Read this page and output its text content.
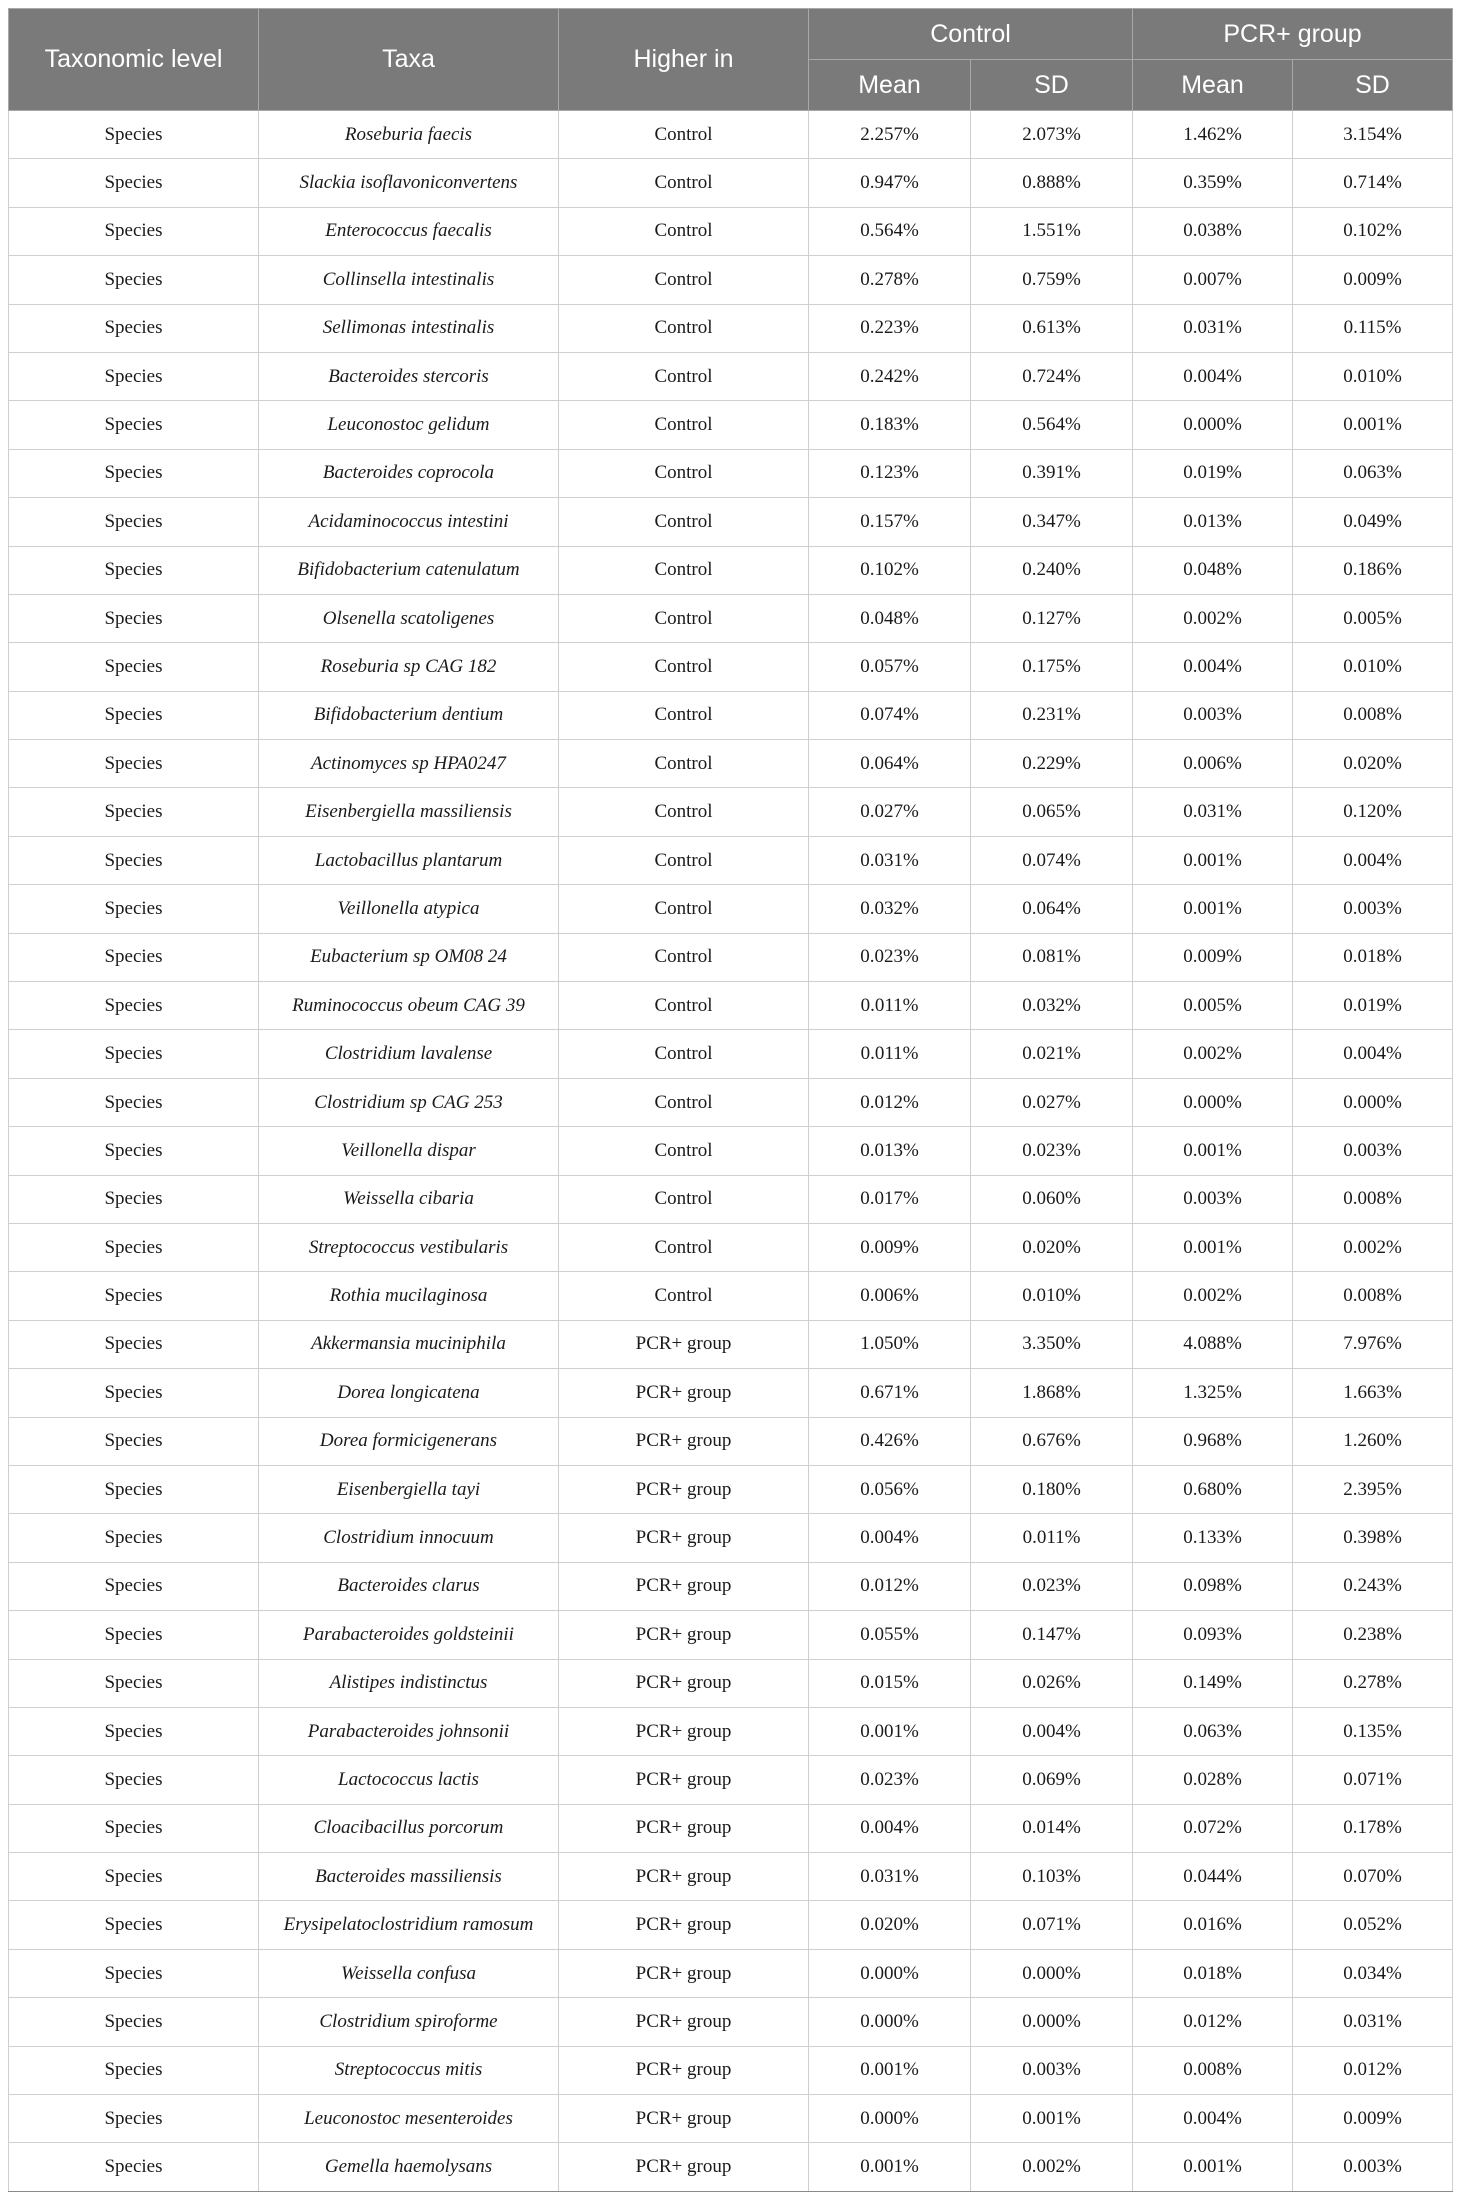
Taxonomic level	Taxa	Higher in	Control		PCR+ group	
			Mean	SD	Mean	SD
Species	Roseburia faecis	Control	2.257%	2.073%	1.462%	3.154%
Species	Slackia isoflavoniconvertens	Control	0.947%	0.888%	0.359%	0.714%
Species	Enterococcus faecalis	Control	0.564%	1.551%	0.038%	0.102%
Species	Collinsella intestinalis	Control	0.278%	0.759%	0.007%	0.009%
Species	Sellimonas intestinalis	Control	0.223%	0.613%	0.031%	0.115%
Species	Bacteroides stercoris	Control	0.242%	0.724%	0.004%	0.010%
Species	Leuconostoc gelidum	Control	0.183%	0.564%	0.000%	0.001%
Species	Bacteroides coprocola	Control	0.123%	0.391%	0.019%	0.063%
Species	Acidaminococcus intestini	Control	0.157%	0.347%	0.013%	0.049%
Species	Bifidobacterium catenulatum	Control	0.102%	0.240%	0.048%	0.186%
Species	Olsenella scatoligenes	Control	0.048%	0.127%	0.002%	0.005%
Species	Roseburia sp CAG 182	Control	0.057%	0.175%	0.004%	0.010%
Species	Bifidobacterium dentium	Control	0.074%	0.231%	0.003%	0.008%
Species	Actinomyces sp HPA0247	Control	0.064%	0.229%	0.006%	0.020%
Species	Eisenbergiella massiliensis	Control	0.027%	0.065%	0.031%	0.120%
Species	Lactobacillus plantarum	Control	0.031%	0.074%	0.001%	0.004%
Species	Veillonella atypica	Control	0.032%	0.064%	0.001%	0.003%
Species	Eubacterium sp OM08 24	Control	0.023%	0.081%	0.009%	0.018%
Species	Ruminococcus obeum CAG 39	Control	0.011%	0.032%	0.005%	0.019%
Species	Clostridium lavalense	Control	0.011%	0.021%	0.002%	0.004%
Species	Clostridium sp CAG 253	Control	0.012%	0.027%	0.000%	0.000%
Species	Veillonella dispar	Control	0.013%	0.023%	0.001%	0.003%
Species	Weissella cibaria	Control	0.017%	0.060%	0.003%	0.008%
Species	Streptococcus vestibularis	Control	0.009%	0.020%	0.001%	0.002%
Species	Rothia mucilaginosa	Control	0.006%	0.010%	0.002%	0.008%
Species	Akkermansia muciniphila	PCR+ group	1.050%	3.350%	4.088%	7.976%
Species	Dorea longicatena	PCR+ group	0.671%	1.868%	1.325%	1.663%
Species	Dorea formicigenerans	PCR+ group	0.426%	0.676%	0.968%	1.260%
Species	Eisenbergiella tayi	PCR+ group	0.056%	0.180%	0.680%	2.395%
Species	Clostridium innocuum	PCR+ group	0.004%	0.011%	0.133%	0.398%
Species	Bacteroides clarus	PCR+ group	0.012%	0.023%	0.098%	0.243%
Species	Parabacteroides goldsteinii	PCR+ group	0.055%	0.147%	0.093%	0.238%
Species	Alistipes indistinctus	PCR+ group	0.015%	0.026%	0.149%	0.278%
Species	Parabacteroides johnsonii	PCR+ group	0.001%	0.004%	0.063%	0.135%
Species	Lactococcus lactis	PCR+ group	0.023%	0.069%	0.028%	0.071%
Species	Cloacibacillus porcorum	PCR+ group	0.004%	0.014%	0.072%	0.178%
Species	Bacteroides massiliensis	PCR+ group	0.031%	0.103%	0.044%	0.070%
Species	Erysipelatoclostridium ramosum	PCR+ group	0.020%	0.071%	0.016%	0.052%
Species	Weissella confusa	PCR+ group	0.000%	0.000%	0.018%	0.034%
Species	Clostridium spiroforme	PCR+ group	0.000%	0.000%	0.012%	0.031%
Species	Streptococcus mitis	PCR+ group	0.001%	0.003%	0.008%	0.012%
Species	Leuconostoc mesenteroides	PCR+ group	0.000%	0.001%	0.004%	0.009%
Species	Gemella haemolysans	PCR+ group	0.001%	0.002%	0.001%	0.003%
